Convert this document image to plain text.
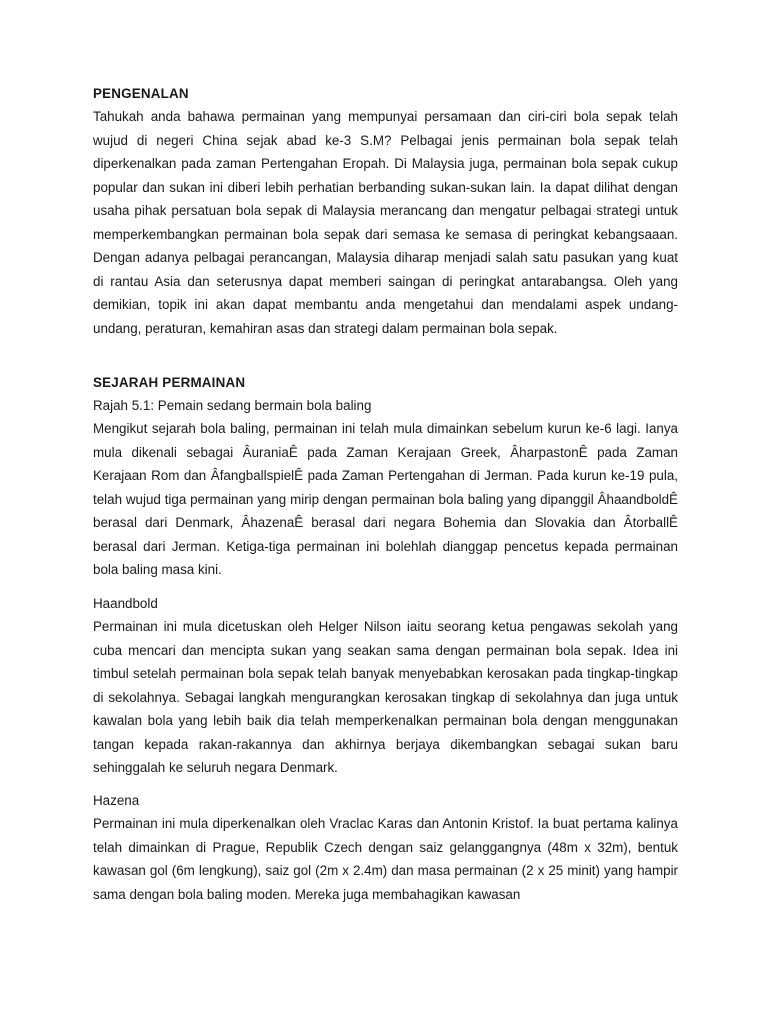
PENGENALAN
Tahukah anda bahawa permainan yang mempunyai persamaan dan ciri-ciri bola sepak telah wujud di negeri China sejak abad ke-3 S.M? Pelbagai jenis permainan bola sepak telah diperkenalkan pada zaman Pertengahan Eropah. Di Malaysia juga, permainan bola sepak cukup popular dan sukan ini diberi lebih perhatian berbanding sukan-sukan lain. Ia dapat dilihat dengan usaha pihak persatuan bola sepak di Malaysia merancang dan mengatur pelbagai strategi untuk memperkembangkan permainan bola sepak dari semasa ke semasa di peringkat kebangsaaan. Dengan adanya pelbagai perancangan, Malaysia diharap menjadi salah satu pasukan yang kuat di rantau Asia dan seterusnya dapat memberi saingan di peringkat antarabangsa. Oleh yang demikian, topik ini akan dapat membantu anda mengetahui dan mendalami aspek undang-undang, peraturan, kemahiran asas dan strategi dalam permainan bola sepak.
SEJARAH PERMAINAN
Rajah 5.1: Pemain sedang bermain bola baling
Mengikut sejarah bola baling, permainan ini telah mula dimainkan sebelum kurun ke-6 lagi. Ianya mula dikenali sebagai ÂuraniaÊ pada Zaman Kerajaan Greek, ÂharpastonÊ pada Zaman Kerajaan Rom dan ÂfangballspielÊ pada Zaman Pertengahan di Jerman. Pada kurun ke-19 pula, telah wujud tiga permainan yang mirip dengan permainan bola baling yang dipanggil ÂhaandboldÊ berasal dari Denmark, ÂhazenaÊ berasal dari negara Bohemia dan Slovakia dan ÂtorballÊ berasal dari Jerman. Ketiga-tiga permainan ini bolehlah dianggap pencetus kepada permainan bola baling masa kini.
Haandbold
Permainan ini mula dicetuskan oleh Helger Nilson iaitu seorang ketua pengawas sekolah yang cuba mencari dan mencipta sukan yang seakan sama dengan permainan bola sepak. Idea ini timbul setelah permainan bola sepak telah banyak menyebabkan kerosakan pada tingkap-tingkap di sekolahnya. Sebagai langkah mengurangkan kerosakan tingkap di sekolahnya dan juga untuk kawalan bola yang lebih baik dia telah memperkenalkan permainan bola dengan menggunakan tangan kepada rakan-rakannya dan akhirnya berjaya dikembangkan sebagai sukan baru sehinggalah ke seluruh negara Denmark.
Hazena
Permainan ini mula diperkenalkan oleh Vraclac Karas dan Antonin Kristof. Ia buat pertama kalinya telah dimainkan di Prague, Republik Czech dengan saiz gelanggangnya (48m x 32m), bentuk kawasan gol (6m lengkung), saiz gol (2m x 2.4m) dan masa permainan (2 x 25 minit) yang hampir sama dengan bola baling moden. Mereka juga membahagikan kawasan
